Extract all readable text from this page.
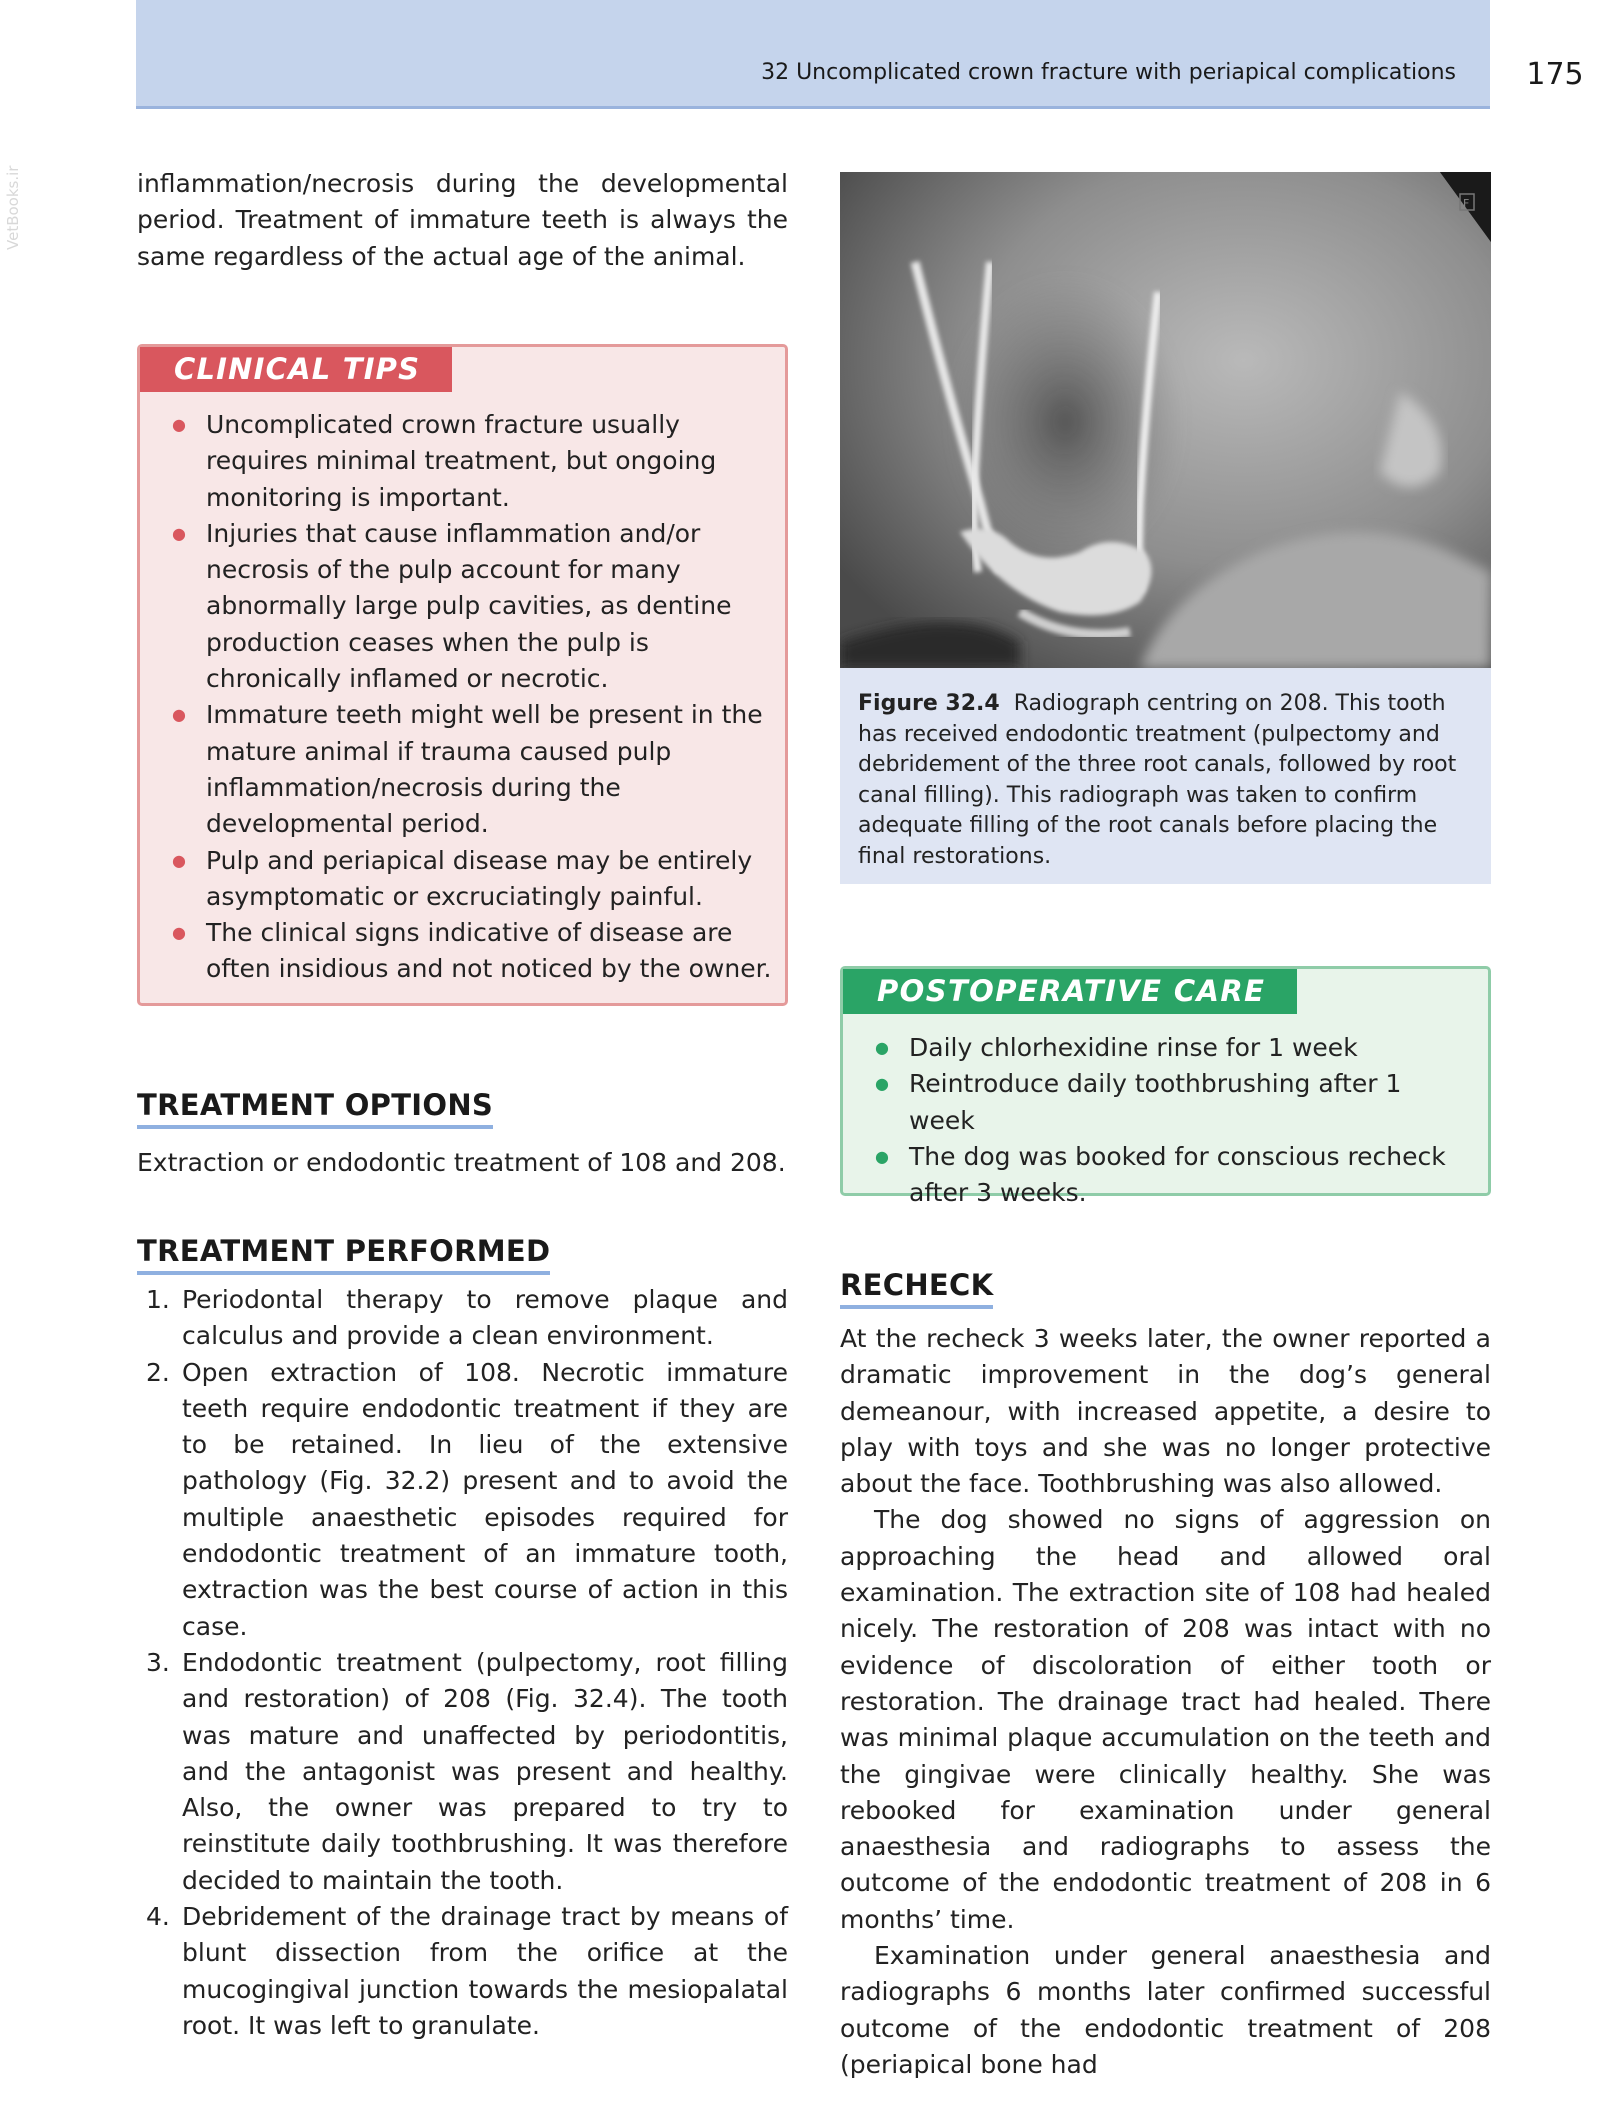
32 Uncomplicated crown fracture with periapical complications	175
VetBooks.ir	inflammation/necrosis during the developmental period. Treatment of immature teeth is always the same regardless of the actual age of the animal.

CLINICAL TIPS
● Uncomplicated crown fracture usually requires minimal treatment, but ongoing monitoring is important.
● Injuries that cause inflammation and/or necrosis of the pulp account for many abnormally large pulp cavities, as dentine production ceases when the pulp is chronically inflamed or necrotic.
● Immature teeth might well be present in the mature animal if trauma caused pulp inflammation/necrosis during the developmental period.
● Pulp and periapical disease may be entirely asymptomatic or excruciatingly painful.
● The clinical signs indicative of disease are often insidious and not noticed by the owner.
TREATMENT OPTIONS

Extraction or endodontic treatment of 108 and 208.

TREATMENT PERFORMED
1. Periodontal therapy to remove plaque and calculus and provide a clean environment.
2. Open extraction of 108. Necrotic immature teeth require endodontic treatment if they are to be retained. In lieu of the extensive pathology (Fig. 32.2) present and to avoid the multiple anaesthetic episodes required for endodontic treatment of an immature tooth, extraction was the best course of action in this case.
3. Endodontic treatment (pulpectomy, root filling and restoration) of 208 (Fig. 32.4). The tooth was mature and unaffected by periodontitis, and the antagonist was present and healthy. Also, the owner was prepared to try to reinstitute daily toothbrushing. It was therefore decided to maintain the tooth.
4. Debridement of the drainage tract by means of blunt dissection from the orifice at the mucogingival junction towards the mesiopalatal root. It was left to granulate.
F

Figure 32.4 Radiograph centring on 208. This tooth has received endodontic treatment (pulpectomy and debridement of the three root canals, followed by root canal filling). This radiograph was taken to confirm adequate filling of the root canals before placing the final restorations.

POSTOPERATIVE CARE
● Daily chlorhexidine rinse for 1 week
● Reintroduce daily toothbrushing after 1 week
● The dog was booked for conscious recheck after 3 weeks.
RECHECK

At the recheck 3 weeks later, the owner reported a dramatic improvement in the dog’s general demeanour, with increased appetite, a desire to play with toys and she was no longer protective about the face. Toothbrushing was also allowed.

The dog showed no signs of aggression on approaching the head and allowed oral examination. The extraction site of 108 had healed nicely. The restoration of 208 was intact with no evidence of discoloration of either tooth or restoration. The drainage tract had healed. There was minimal plaque accumulation on the teeth and the gingivae were clinically healthy. She was rebooked for examination under general anaesthesia and radiographs to assess the outcome of the endodontic treatment of 208 in 6 months’ time.

Examination under general anaesthesia and radiographs 6 months later confirmed successful outcome of the endodontic treatment of 208 (periapical bone had
